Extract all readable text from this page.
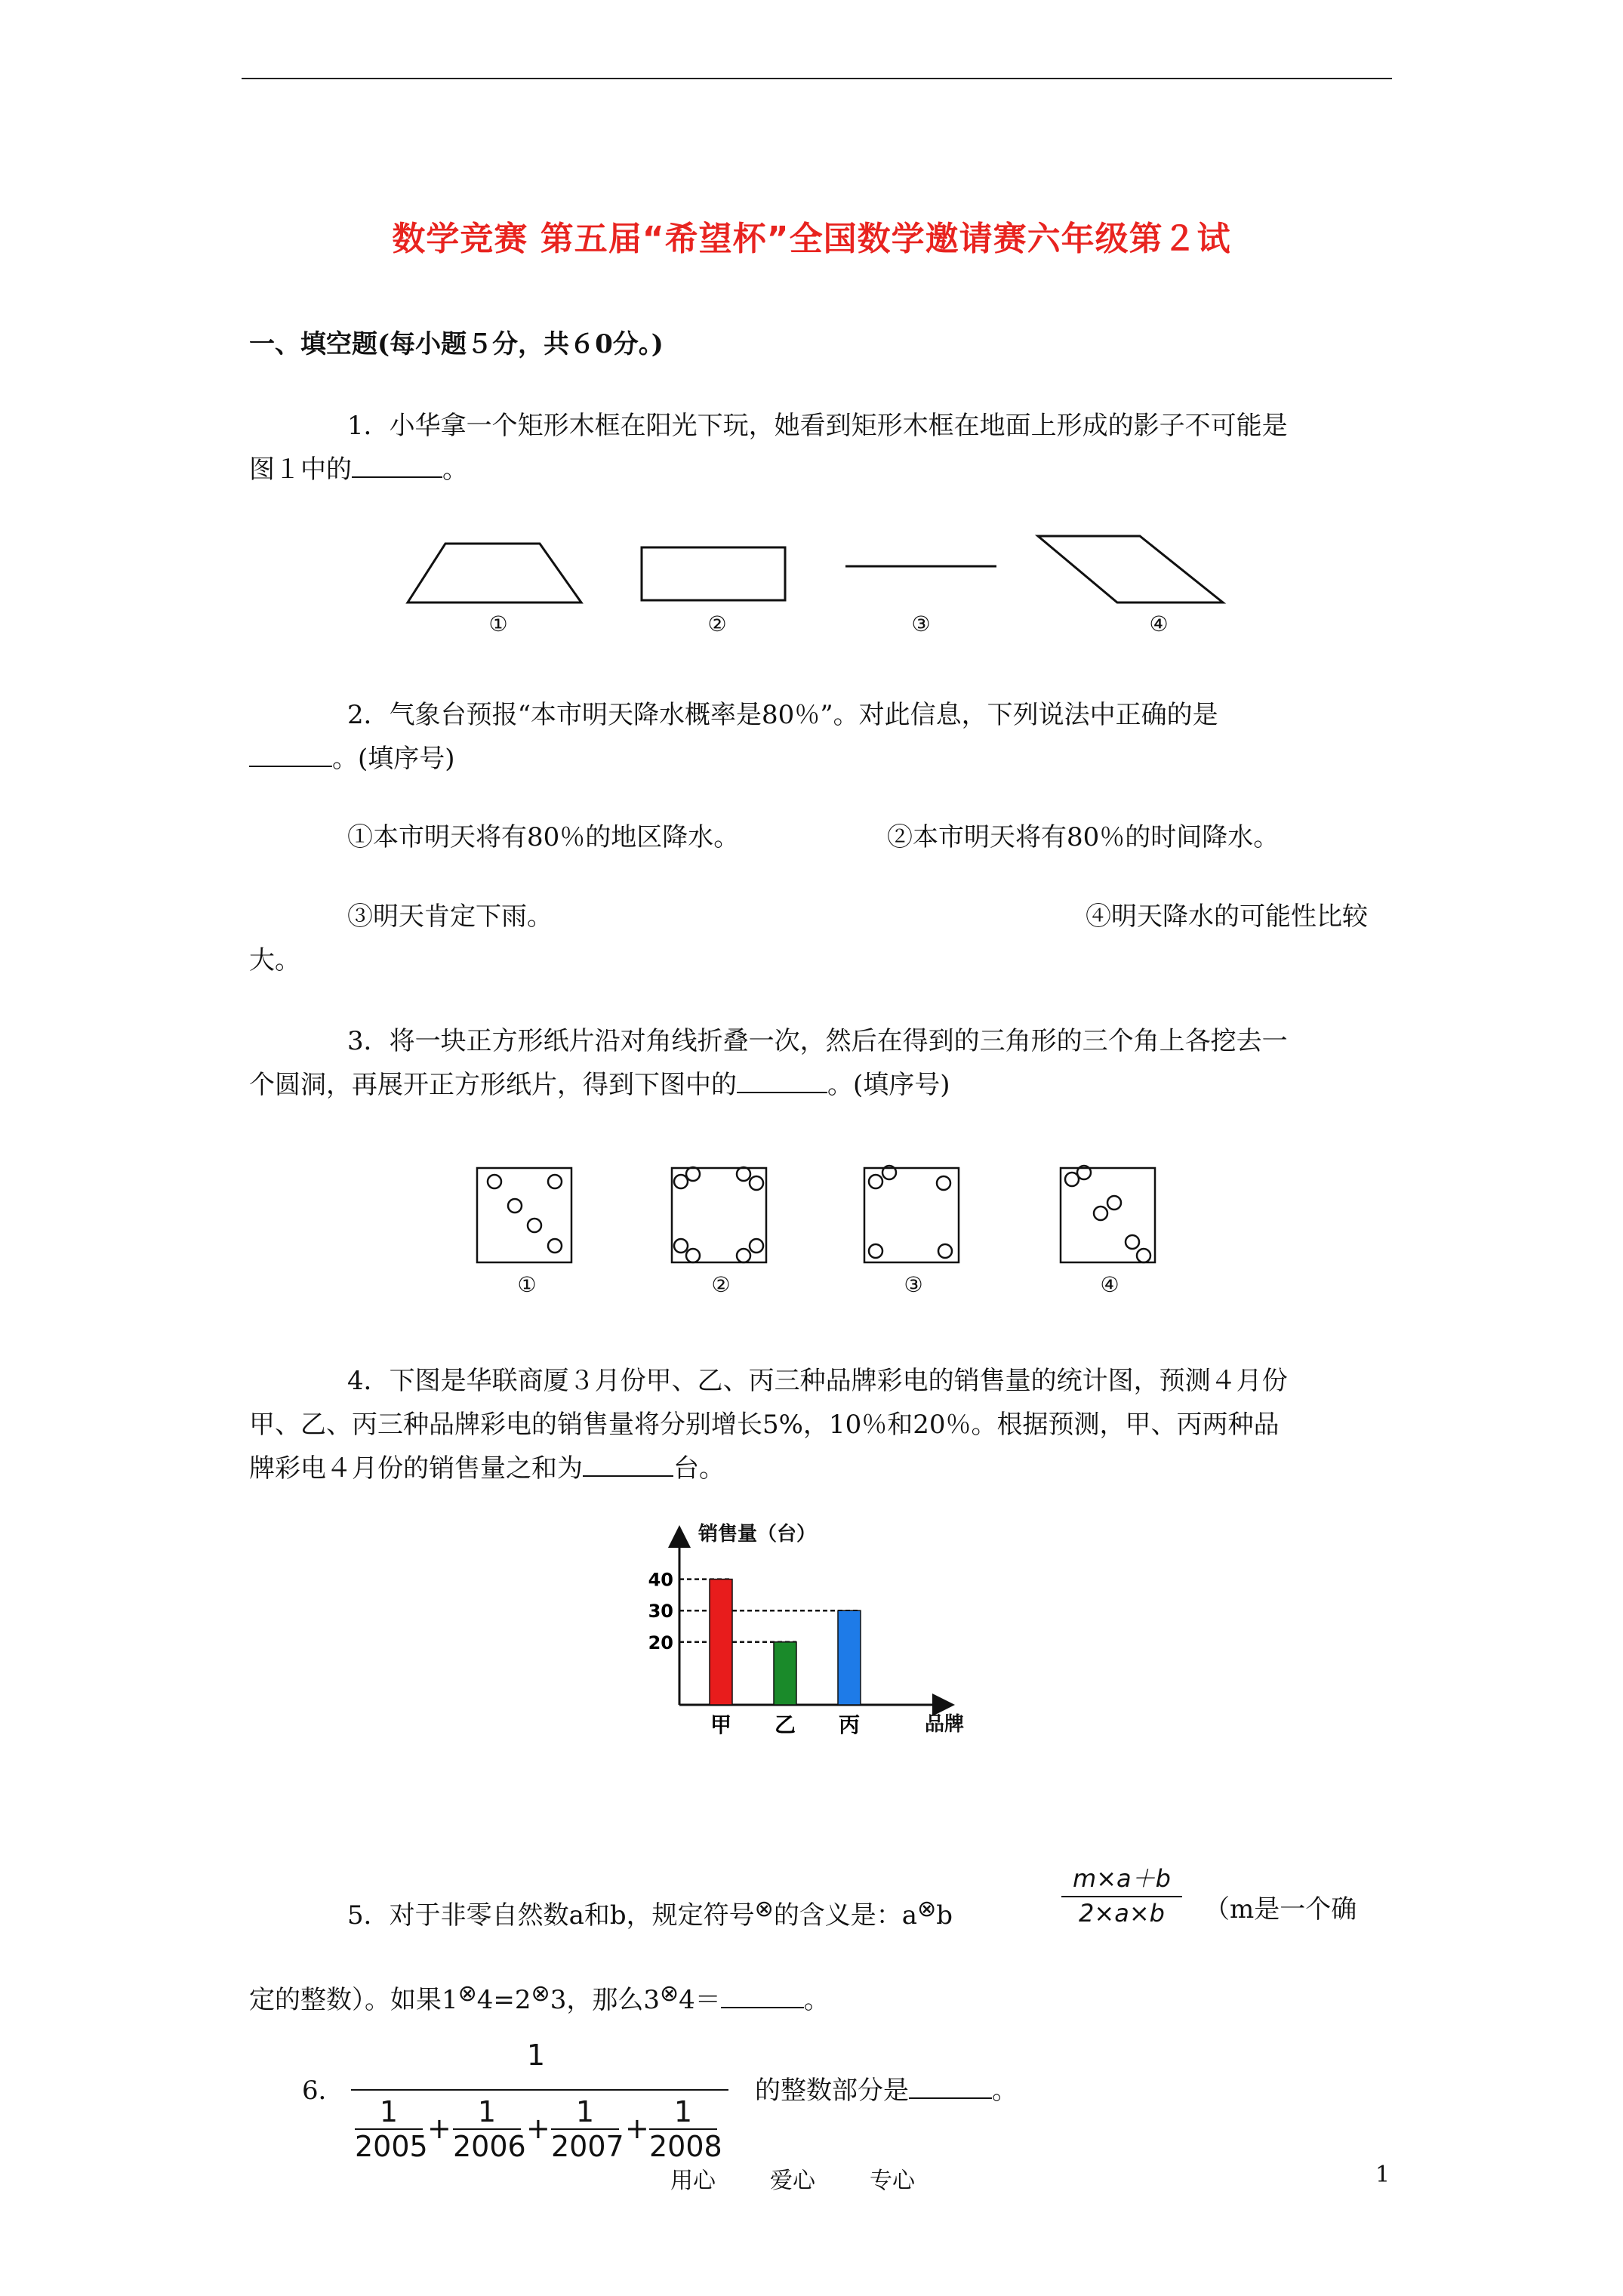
数学竞赛 第五届“希望杯”全国数学邀请赛六年级第２试
一、填空题(每小题５分，共６0分。)
1．小华拿一个矩形木框在阳光下玩，她看到矩形木框在地面上形成的影子不可能是
图１中的	。
①	②	③	④
2．气象台预报“本市明天降水概率是80％”。对此信息，下列说法中正确的是
。(填序号)
①本市明天将有80％的地区降水。	②本市明天将有80％的时间降水。
③明天肯定下雨。	④明天降水的可能性比较
大。
3．将一块正方形纸片沿对角线折叠一次，然后在得到的三角形的三个角上各挖去一
个圆洞，再展开正方形纸片，得到下图中的	。(填序号)
①	②	③	④
4．下图是华联商厦３月份甲、乙、丙三种品牌彩电的销售量的统计图，预测４月份
甲、乙、丙三种品牌彩电的销售量将分别增长5%，10％和20％。根据预测，甲、丙两种品
牌彩电４月份的销售量之和为	台。
销售量（台）
品牌
20
30
40
甲 乙 丙
5．对于非零自然数a和b，规定符号⊗的含义是：a⊗b	$\frac{m\times a+b}{2\times a\times b} (m$是一个确
定的整数）。如果1⊗4=2⊗3，那么3⊗4＝	。
6．
1
$\frac{1}{2005} + \frac{1}{2006} + \frac{1}{2007} + \frac{1}{2008}$
的整数部分是	。
用心 爱心 专心	1
